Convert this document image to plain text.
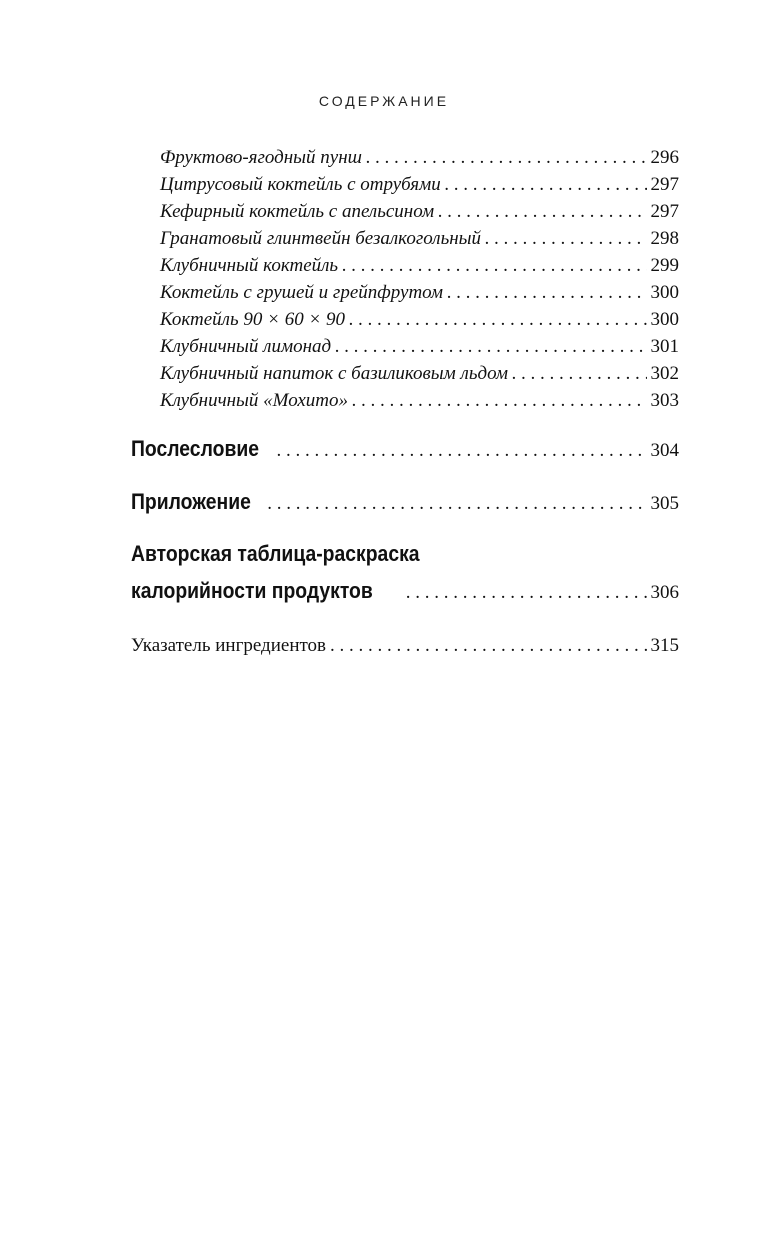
СОДЕРЖАНИЕ
Фруктово-ягодный пунш . . .	296
Цитрусовый коктейль с отрубями . . .	297
Кефирный коктейль с апельсином . . .	297
Гранатовый глинтвейн безалкогольный . . .	298
Клубничный коктейль . . .	299
Коктейль с грушей и грейпфрутом . . .	300
Коктейль 90 × 60 × 90 . . .	300
Клубничный лимонад . . .	301
Клубничный напиток с базиликовым льдом . . .	302
Клубничный «Мохито» . . .	303
Послесловие . . .	304
Приложение . . .	305
Авторская таблица-раскраска
калорийности продуктов . . .	306
Указатель ингредиентов . . .	315
